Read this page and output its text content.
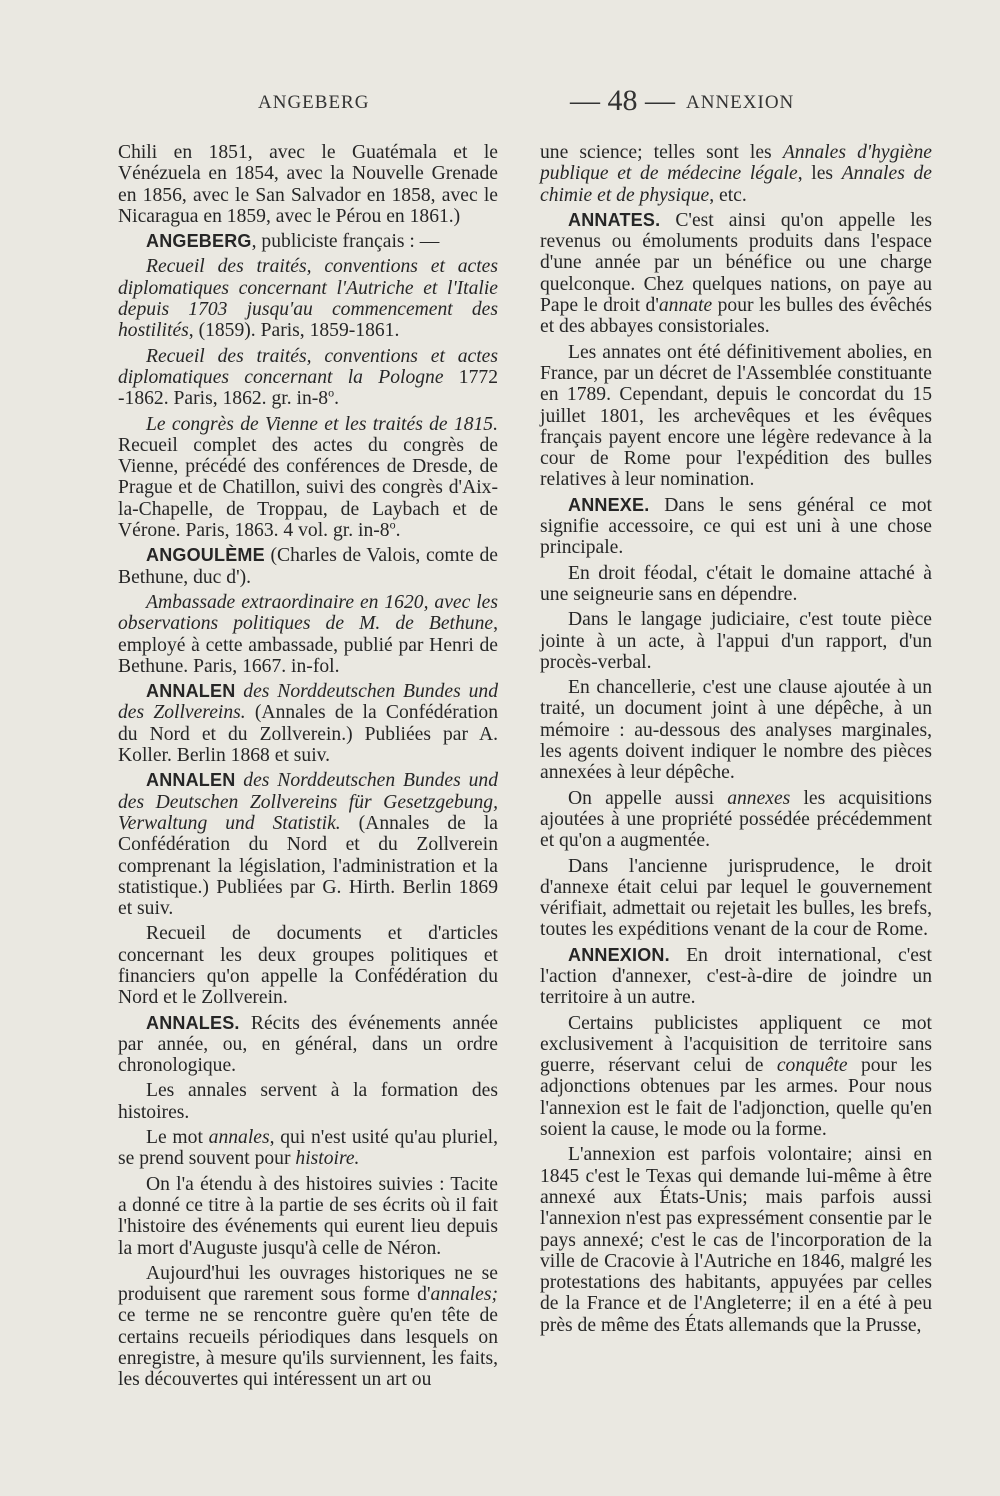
ANGEBERG	— 48 — ANNEXION

Chili en 1851, avec le Guatémala et le Vénézuela en 1854, avec la Nouvelle Grenade en 1856, avec le San Salvador en 1858, avec le Nicaragua en 1859, avec le Pérou en 1861.)

ANGEBERG, publiciste français : —

Recueil des traités, conventions et actes diplomatiques concernant l'Autriche et l'Italie depuis 1703 jusqu'au commencement des hostilités, (1859). Paris, 1859-1861.

Recueil des traités, conventions et actes diplomatiques concernant la Pologne 1772 -1862. Paris, 1862. gr. in-8$^o$.

Le congrès de Vienne et les traités de 1815. Recueil complet des actes du congrès de Vienne, précédé des conférences de Dresde, de Prague et de Chatillon, suivi des congrès d'Aix-la-Chapelle, de Troppau, de Laybach et de Vérone. Paris, 1863. 4 vol. gr. in-8$^o$.

ANGOULÈME (Charles de Valois, comte de Bethune, duc d').

Ambassade extraordinaire en 1620, avec les observations politiques de M. de Bethune, employé à cette ambassade, publié par Henri de Bethune. Paris, 1667. in-fol.

ANNALEN des Norddeutschen Bundes und des Zollvereins. (Annales de la Confédération du Nord et du Zollverein.) Publiées par A. Koller. Berlin 1868 et suiv.

ANNALEN des Norddeutschen Bundes und des Deutschen Zollvereins für Gesetzgebung, Verwaltung und Statistik. (Annales de la Confédération du Nord et du Zollverein comprenant la législation, l'administration et la statistique.) Publiées par G. Hirth. Berlin 1869 et suiv.

Recueil de documents et d'articles concernant les deux groupes politiques et financiers qu'on appelle la Confédération du Nord et le Zollverein.

ANNALES. Récits des événements année par année, ou, en général, dans un ordre chronologique.

Les annales servent à la formation des histoires.

Le mot annales, qui n'est usité qu'au pluriel, se prend souvent pour histoire.

On l'a étendu à des histoires suivies : Tacite a donné ce titre à la partie de ses écrits où il fait l'histoire des événements qui eurent lieu depuis la mort d'Auguste jusqu'à celle de Néron.

Aujourd'hui les ouvrages historiques ne se produisent que rarement sous forme d'annales; ce terme ne se rencontre guère qu'en tête de certains recueils périodiques dans lesquels on enregistre, à mesure qu'ils surviennent, les faits, les découvertes qui intéressent un art ou

une science; telles sont les Annales d'hygiène publique et de médecine légale, les Annales de chimie et de physique, etc.

ANNATES. C'est ainsi qu'on appelle les revenus ou émoluments produits dans l'espace d'une année par un bénéfice ou une charge quelconque. Chez quelques nations, on paye au Pape le droit d'annate pour les bulles des évêchés et des abbayes consistoriales.

Les annates ont été définitivement abolies, en France, par un décret de l'Assemblée constituante en 1789. Cependant, depuis le concordat du 15 juillet 1801, les archevêques et les évêques français payent encore une légère redevance à la cour de Rome pour l'expédition des bulles relatives à leur nomination.

ANNEXE. Dans le sens général ce mot signifie accessoire, ce qui est uni à une chose principale.

En droit féodal, c'était le domaine attaché à une seigneurie sans en dépendre.

Dans le langage judiciaire, c'est toute pièce jointe à un acte, à l'appui d'un rapport, d'un procès-verbal.

En chancellerie, c'est une clause ajoutée à un traité, un document joint à une dépêche, à un mémoire : au-dessous des analyses marginales, les agents doivent indiquer le nombre des pièces annexées à leur dépêche.

On appelle aussi annexes les acquisitions ajoutées à une propriété possédée précédemment et qu'on a augmentée.

Dans l'ancienne jurisprudence, le droit d'annexe était celui par lequel le gouvernement vérifiait, admettait ou rejetait les bulles, les brefs, toutes les expéditions venant de la cour de Rome.

ANNEXION. En droit international, c'est l'action d'annexer, c'est-à-dire de joindre un territoire à un autre.

Certains publicistes appliquent ce mot exclusivement à l'acquisition de territoire sans guerre, réservant celui de conquête pour les adjonctions obtenues par les armes. Pour nous l'annexion est le fait de l'adjonction, quelle qu'en soient la cause, le mode ou la forme.

L'annexion est parfois volontaire; ainsi en 1845 c'est le Texas qui demande lui-même à être annexé aux États-Unis; mais parfois aussi l'annexion n'est pas expressément consentie par le pays annexé; c'est le cas de l'incorporation de la ville de Cracovie à l'Autriche en 1846, malgré les protestations des habitants, appuyées par celles de la France et de l'Angleterre; il en a été à peu près de même des États allemands que la Prusse,
